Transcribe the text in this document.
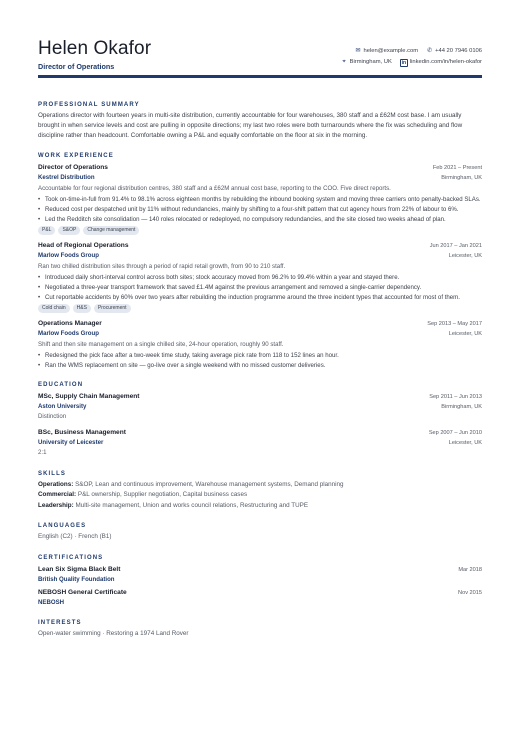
Helen Okafor
Director of Operations
✉ helen@example.com ✆ +44 20 7946 0106
⌖ Birmingham, UK	in linkedin.com/in/helen-okafor
PROFESSIONAL SUMMARY
Operations director with fourteen years in multi-site distribution, currently accountable for four warehouses, 380 staff and a £62M cost base. I am usually brought in when service levels and cost are pulling in opposite directions; my last two roles were both turnarounds where the fix was scheduling and flow discipline rather than headcount. Comfortable owning a P&L and equally comfortable on the floor at six in the morning.
WORK EXPERIENCE
Director of Operations	Feb 2021 – Present
Kestrel Distribution	Birmingham, UK
Accountable for four regional distribution centres, 380 staff and a £62M annual cost base, reporting to the COO. Five direct reports.
• Took on-time-in-full from 91.4% to 98.1% across eighteen months by rebuilding the inbound booking system and moving three carriers onto penalty-backed SLAs.
• Reduced cost per despatched unit by 11% without redundancies, mainly by shifting to a four-shift pattern that cut agency hours from 22% of labour to 6%.
• Led the Redditch site consolidation — 140 roles relocated or redeployed, no compulsory redundancies, and the site closed two weeks ahead of plan.
P&L	S&OP	Change management
Head of Regional Operations	Jun 2017 – Jan 2021
Marlow Foods Group	Leicester, UK
Ran two chilled distribution sites through a period of rapid retail growth, from 90 to 210 staff.
• Introduced daily short-interval control across both sites; stock accuracy moved from 96.2% to 99.4% within a year and stayed there.
• Negotiated a three-year transport framework that saved £1.4M against the previous arrangement and removed a single-carrier dependency.
• Cut reportable accidents by 60% over two years after rebuilding the induction programme around the three incident types that accounted for most of them.
Cold chain	H&S	Procurement
Operations Manager	Sep 2013 – May 2017
Marlow Foods Group	Leicester, UK
Shift and then site management on a single chilled site, 24-hour operation, roughly 90 staff.
• Redesigned the pick face after a two-week time study, taking average pick rate from 118 to 152 lines an hour.
• Ran the WMS replacement on site — go-live over a single weekend with no missed customer deliveries.
EDUCATION
MSc, Supply Chain Management	Sep 2011 – Jun 2013
Aston University	Birmingham, UK
Distinction
BSc, Business Management	Sep 2007 – Jun 2010
University of Leicester	Leicester, UK
2:1
SKILLS
Operations: S&OP, Lean and continuous improvement, Warehouse management systems, Demand planning
Commercial: P&L ownership, Supplier negotiation, Capital business cases
Leadership: Multi-site management, Union and works council relations, Restructuring and TUPE
LANGUAGES
English (C2) · French (B1)
CERTIFICATIONS
Lean Six Sigma Black Belt	Mar 2018
British Quality Foundation
NEBOSH General Certificate	Nov 2015
NEBOSH
INTERESTS
Open-water swimming · Restoring a 1974 Land Rover
